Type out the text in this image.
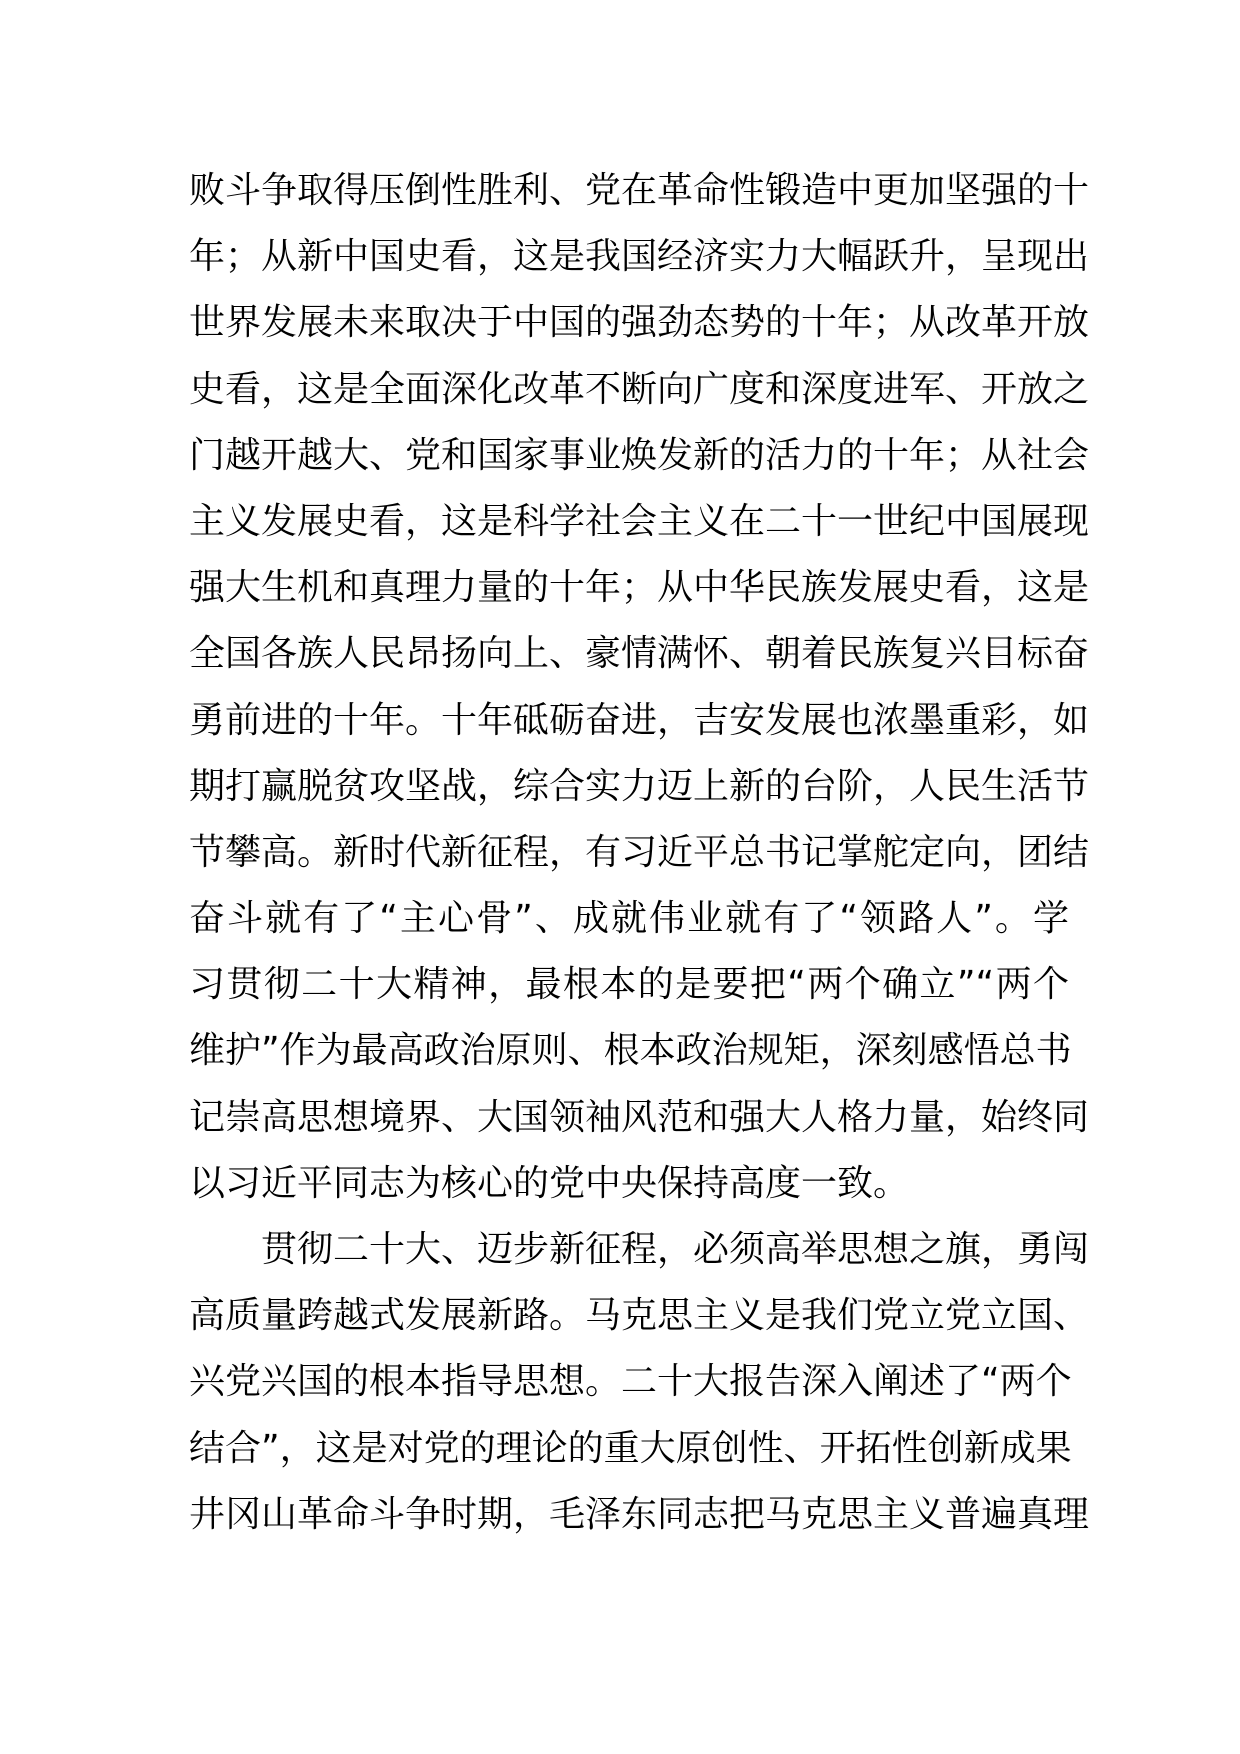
败斗争取得压倒性胜利、党在革命性锻造中更加坚强的十
年；从新中国史看，这是我国经济实力大幅跃升，呈现出
世界发展未来取决于中国的强劲态势的十年；从改革开放
史看，这是全面深化改革不断向广度和深度进军、开放之
门越开越大、党和国家事业焕发新的活力的十年；从社会
主义发展史看，这是科学社会主义在二十一世纪中国展现
强大生机和真理力量的十年；从中华民族发展史看，这是
全国各族人民昂扬向上、豪情满怀、朝着民族复兴目标奋
勇前进的十年。十年砥砺奋进，吉安发展也浓墨重彩，如
期打赢脱贫攻坚战，综合实力迈上新的台阶，人民生活节
节攀高。新时代新征程，有习近平总书记掌舵定向，团结
奋斗就有了“主心骨”、成就伟业就有了“领路人”。学
习贯彻二十大精神，最根本的是要把“两个确立”“两个
维护”作为最高政治原则、根本政治规矩，深刻感悟总书
记崇高思想境界、大国领袖风范和强大人格力量，始终同
以习近平同志为核心的党中央保持高度一致。
贯彻二十大、迈步新征程，必须高举思想之旗，勇闯
高质量跨越式发展新路。马克思主义是我们党立党立国、
兴党兴国的根本指导思想。二十大报告深入阐述了“两个
结合”，这是对党的理论的重大原创性、开拓性创新成果
井冈山革命斗争时期，毛泽东同志把马克思主义普遍真理
